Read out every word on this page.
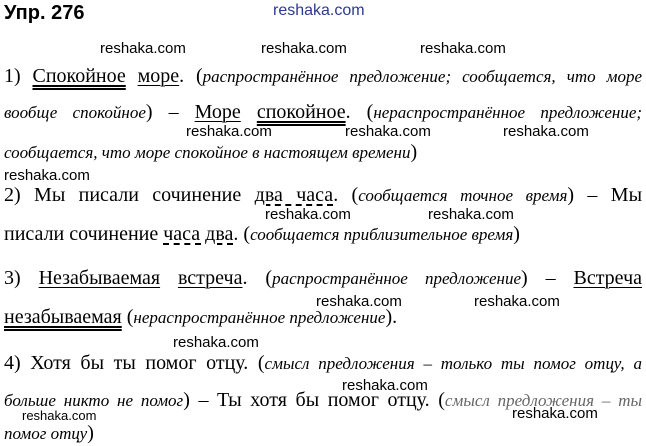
reshaka.com
Упр. 276
reshaka.com	reshaka.com	reshaka.com
1) Спокойное море. (распространённое предложение; сообщается, что море
вообще спокойное) – Море спокойное. (нераспространённое предложение;
reshaka.com	reshaka.com	reshaka.com
сообщается, что море спокойное в настоящем времени)
reshaka.com
2) Мы писали сочинение два часа. (сообщается точное время) – Мы
reshaka.com	reshaka.com
писали сочинение часа два. (сообщается приблизительное время)
3) Незабываемая встреча. (распространённое предложение) – Встреча
reshaka.com	reshaka.com
незабываемая (нераспространённое предложение).
reshaka.com
4) Хотя бы ты помог отцу. (смысл предложения – только ты помог отцу, а
reshaka.com
больше никто не помог) – Ты хотя бы помог отцу. (смысл предложения – ты
reshaka.com	reshaka.com
помог отцу)
